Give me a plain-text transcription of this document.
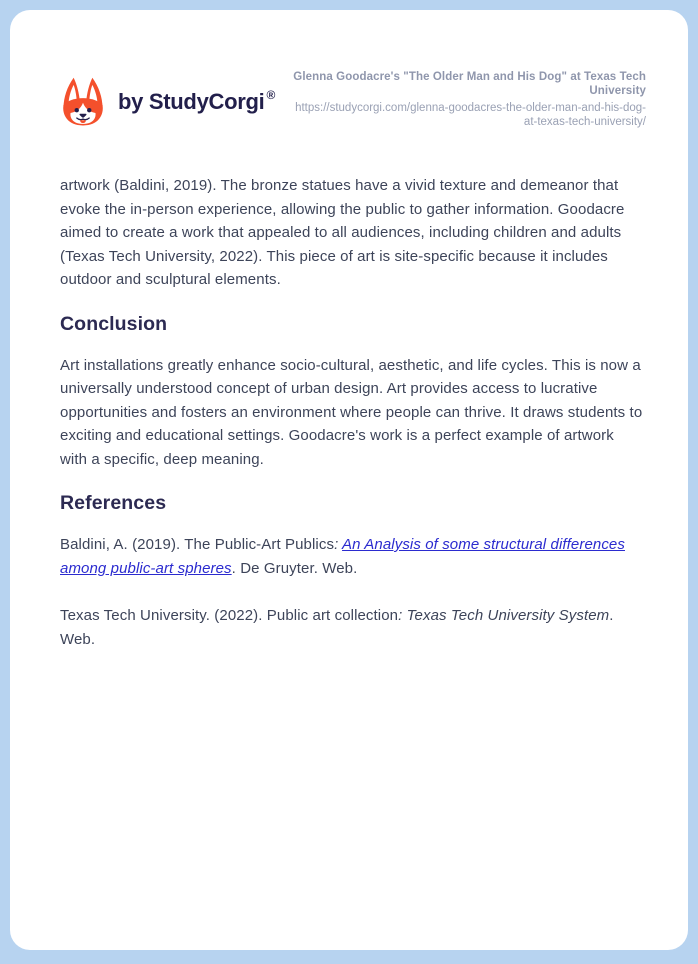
by StudyCorgi ®
Glenna Goodacre's "The Older Man and His Dog" at Texas Tech University
https://studycorgi.com/glenna-goodacres-the-older-man-and-his-dog-at-texas-tech-university/

artwork (Baldini, 2019). The bronze statues have a vivid texture and demeanor that evoke the in-person experience, allowing the public to gather information. Goodacre aimed to create a work that appealed to all audiences, including children and adults (Texas Tech University, 2022). This piece of art is site-specific because it includes outdoor and sculptural elements.

Conclusion

Art installations greatly enhance socio-cultural, aesthetic, and life cycles. This is now a universally understood concept of urban design. Art provides access to lucrative opportunities and fosters an environment where people can thrive. It draws students to exciting and educational settings. Goodacre's work is a perfect example of artwork with a specific, deep meaning.

References

Baldini, A. (2019). The Public-Art Publics: An Analysis of some structural differences among public-art spheres. De Gruyter. Web.

Texas Tech University. (2022). Public art collection: Texas Tech University System. Web.
